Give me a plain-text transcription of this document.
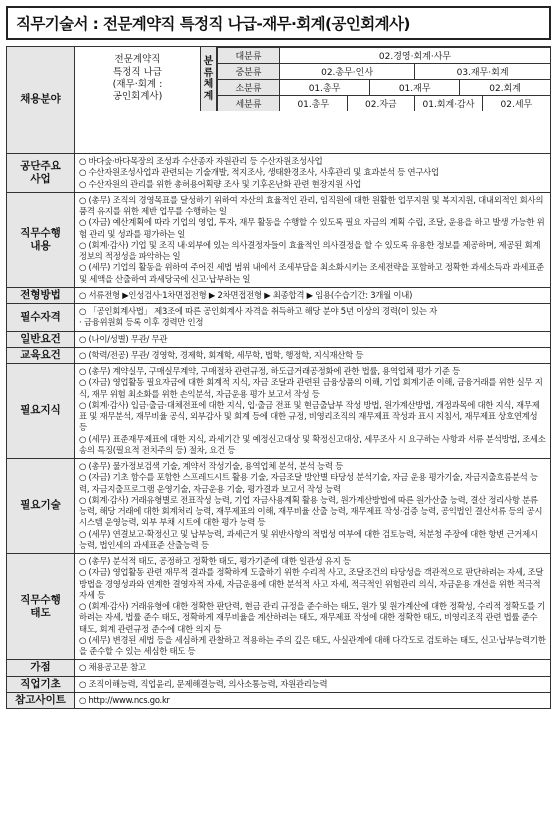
직무기술서 : 전문계약직 특정직 나급-재무·회계(공인회계사)
채용분야	
전문계약직
특정직 나급
(재무·회계 :
공인회계사)
분
류
체
계
대분류	02.경영·회계·사무
중분류	02.총무·인사	03.재무·회계
소분류	01.총무	01.재무	02.회계
세분류	01.총무	02.자금	01.회계·감사	02.세무

공단주요
사업	
○ 바다숲·바다목장의 조성과 수산종자 자원관리 등 수산자원조성사업
○ 수산자원조성사업과 관련되는 기술개발, 적지조사, 생태환경조사, 사후관리 및 효과분석 등 연구사업
○ 수산자원의 관리를 위한 총허용어획량 조사 및 기후온난화 관련 현장지원 사업

직무수행
내용	
○ (총무) 조직의 경영목표를 달성하기 위하여 자산의 효율적인 관리, 임직원에 대한 원활한 업무지원 및 복지지원, 대내외적인 회사의 품격 유지를 위한 제반 업무를 수행하는 일
○ (자금) 예산계획에 따라 기업의 영업, 투자, 재무 활동을 수행할 수 있도록 필요 자금의 계획 수립, 조달, 운용을 하고 발생 가능한 위험 관리 및 성과를 평가하는 일
○ (회계·감사) 기업 및 조직 내·외부에 있는 의사결정자들이 효율적인 의사결정을 할 수 있도록 유용한 정보를 제공하며, 제공된 회계정보의 적정성을 파악하는 일
○ (세무) 기업의 활동을 위하여 주어진 세법 범위 내에서 조세부담을 최소화시키는 조세전략을 포함하고 정확한 과세소득과 과세표준 및 세액을 산출하여 과세당국에 신고·납부하는 일

전형방법	○ 서류전형 ▶인성검사·1차면접전형 ▶ 2차면접전형 ▶ 최종합격 ▶ 임용(수습기간: 3개월 이내)

필수자격	○ 「공인회계사법」 제3조에 따른 공인회계사 자격을 취득하고 해당 분야 5년 이상의 경력(이 있는 자
· 금융위원회 등록 이후 경력만 인정

일반요건	○ (나이/성별) 무관/ 무관

교육요건	○ (학력/전공) 무관/ 경영학, 경제학, 회계학, 세무학, 법학, 행정학, 지식재산학 등

필요지식	
○ (총무) 계약실무, 구매실무계약, 구매절차 관련규정, 하도급거래공정화에 관한 법률, 용역업체 평가 기준 등
○ (자금) 영업활동 필요자금에 대한 회계적 지식, 자금 조달과 관련된 금융상품의 이해, 기업 회계기준 이해, 금융거래를 위한 실무 지식, 재무 위험 최소화를 위한 손익분석, 자금운용 평가 보고서 작성 등
○ (회계·감사) 입금·출금·대체전표에 대한 지식, 입·출금 전표 및 현금출납부 작성 방법, 원가계산방법, 개정과목에 대한 지식, 재무제표 및 재무분석, 재무비율 공식, 외부감사 및 회계 등에 대한 규정, 비영리조직의 재무제표 작성과 표시 지침서, 재무제표 상호연계성 등
○ (세무) 표준재무제표에 대한 지식, 과세기간 및 예정신고대상 및 확정신고대상, 세무조사 시 요구하는 사항과 서류 분석방법, 조세소송의 특징(필요적 전치주의 등) 절차, 요건 등

필요기술	
○ (총무) 물가정보검색 기술, 계약서 작성기술, 용역업체 분석, 분석 능력 등
○ (자금) 기초 함수를 포함한 스프레드시트 활용 기술, 자금조달 방안별 타당성 분석기술, 자금 운용 평가기술, 자금지출흐름분석 능력, 자금지출프로그램 운영기술, 자금운용 기술, 평가결과 보고서 작성 능력
○ (회계·감사) 거래유형별로 전표작성 능력, 기업 자금사용계획 활용 능력, 원가계산방법에 따른 원가산출 능력, 결산 정리사항 분류 능력, 해당 거래에 대한 회계처리 능력, 재무제표의 이해, 재무비율 산출 능력, 재무제표 작성·검증 능력, 공익법인 결산서류 등의 공시시스템 운영능력, 외부 부채 시트에 대한 평가 능력 등
○ (세무) 연결보고·확정신고 및 납부능력, 과세근거 및 위반사항의 적법성 여부에 대한 검토능력, 처분청 주장에 대한 항변 근거제시 능력, 법인세의 과세표준 산출능력 등

직무수행
태도	
○ (총무) 분석적 태도, 공정하고 정확한 태도, 평가기준에 대한 일관성 유지 등
○ (자금) 영업활동 관련 재무적 결과를 정확하게 도출하기 위한 수리적 사고, 조달조건의 타당성을 객관적으로 판단하려는 자세, 조달방법을 경영성과와 연계한 결영자적 자세, 자금운용에 대한 분석적 사고 자세, 적극적인 위험관리 의식, 자금운용 개선을 위한 적극적 자세 등
○ (회계·감사) 거래유형에 대한 정확한 판단력, 현금 관리 규정을 준수하는 태도, 원가 및 원가계산에 대한 정확성, 수리적 정확도를 기하려는 자세, 법률 준수 태도, 정확하게 재무비율을 계산하려는 태도, 재무제표 작성에 대한 정확한 태도, 비영리조직 관련 법률 준수 태도, 회계 관련규정 준수에 대한 의지 등
○ (세무) 변경된 세법 등을 세심하게 관찰하고 적용하는 주의 깊은 태도, 사실관계에 대해 다각도로 검토하는 태도, 신고·납부능력기한을 준수할 수 있는 세심한 태도 등

가점	○ 채용공고문 참고

직업기초	○ 조직이해능력, 직업윤리, 문제해결능력, 의사소통능력, 자원관리능력

참고사이트	○ http://www.ncs.go.kr
